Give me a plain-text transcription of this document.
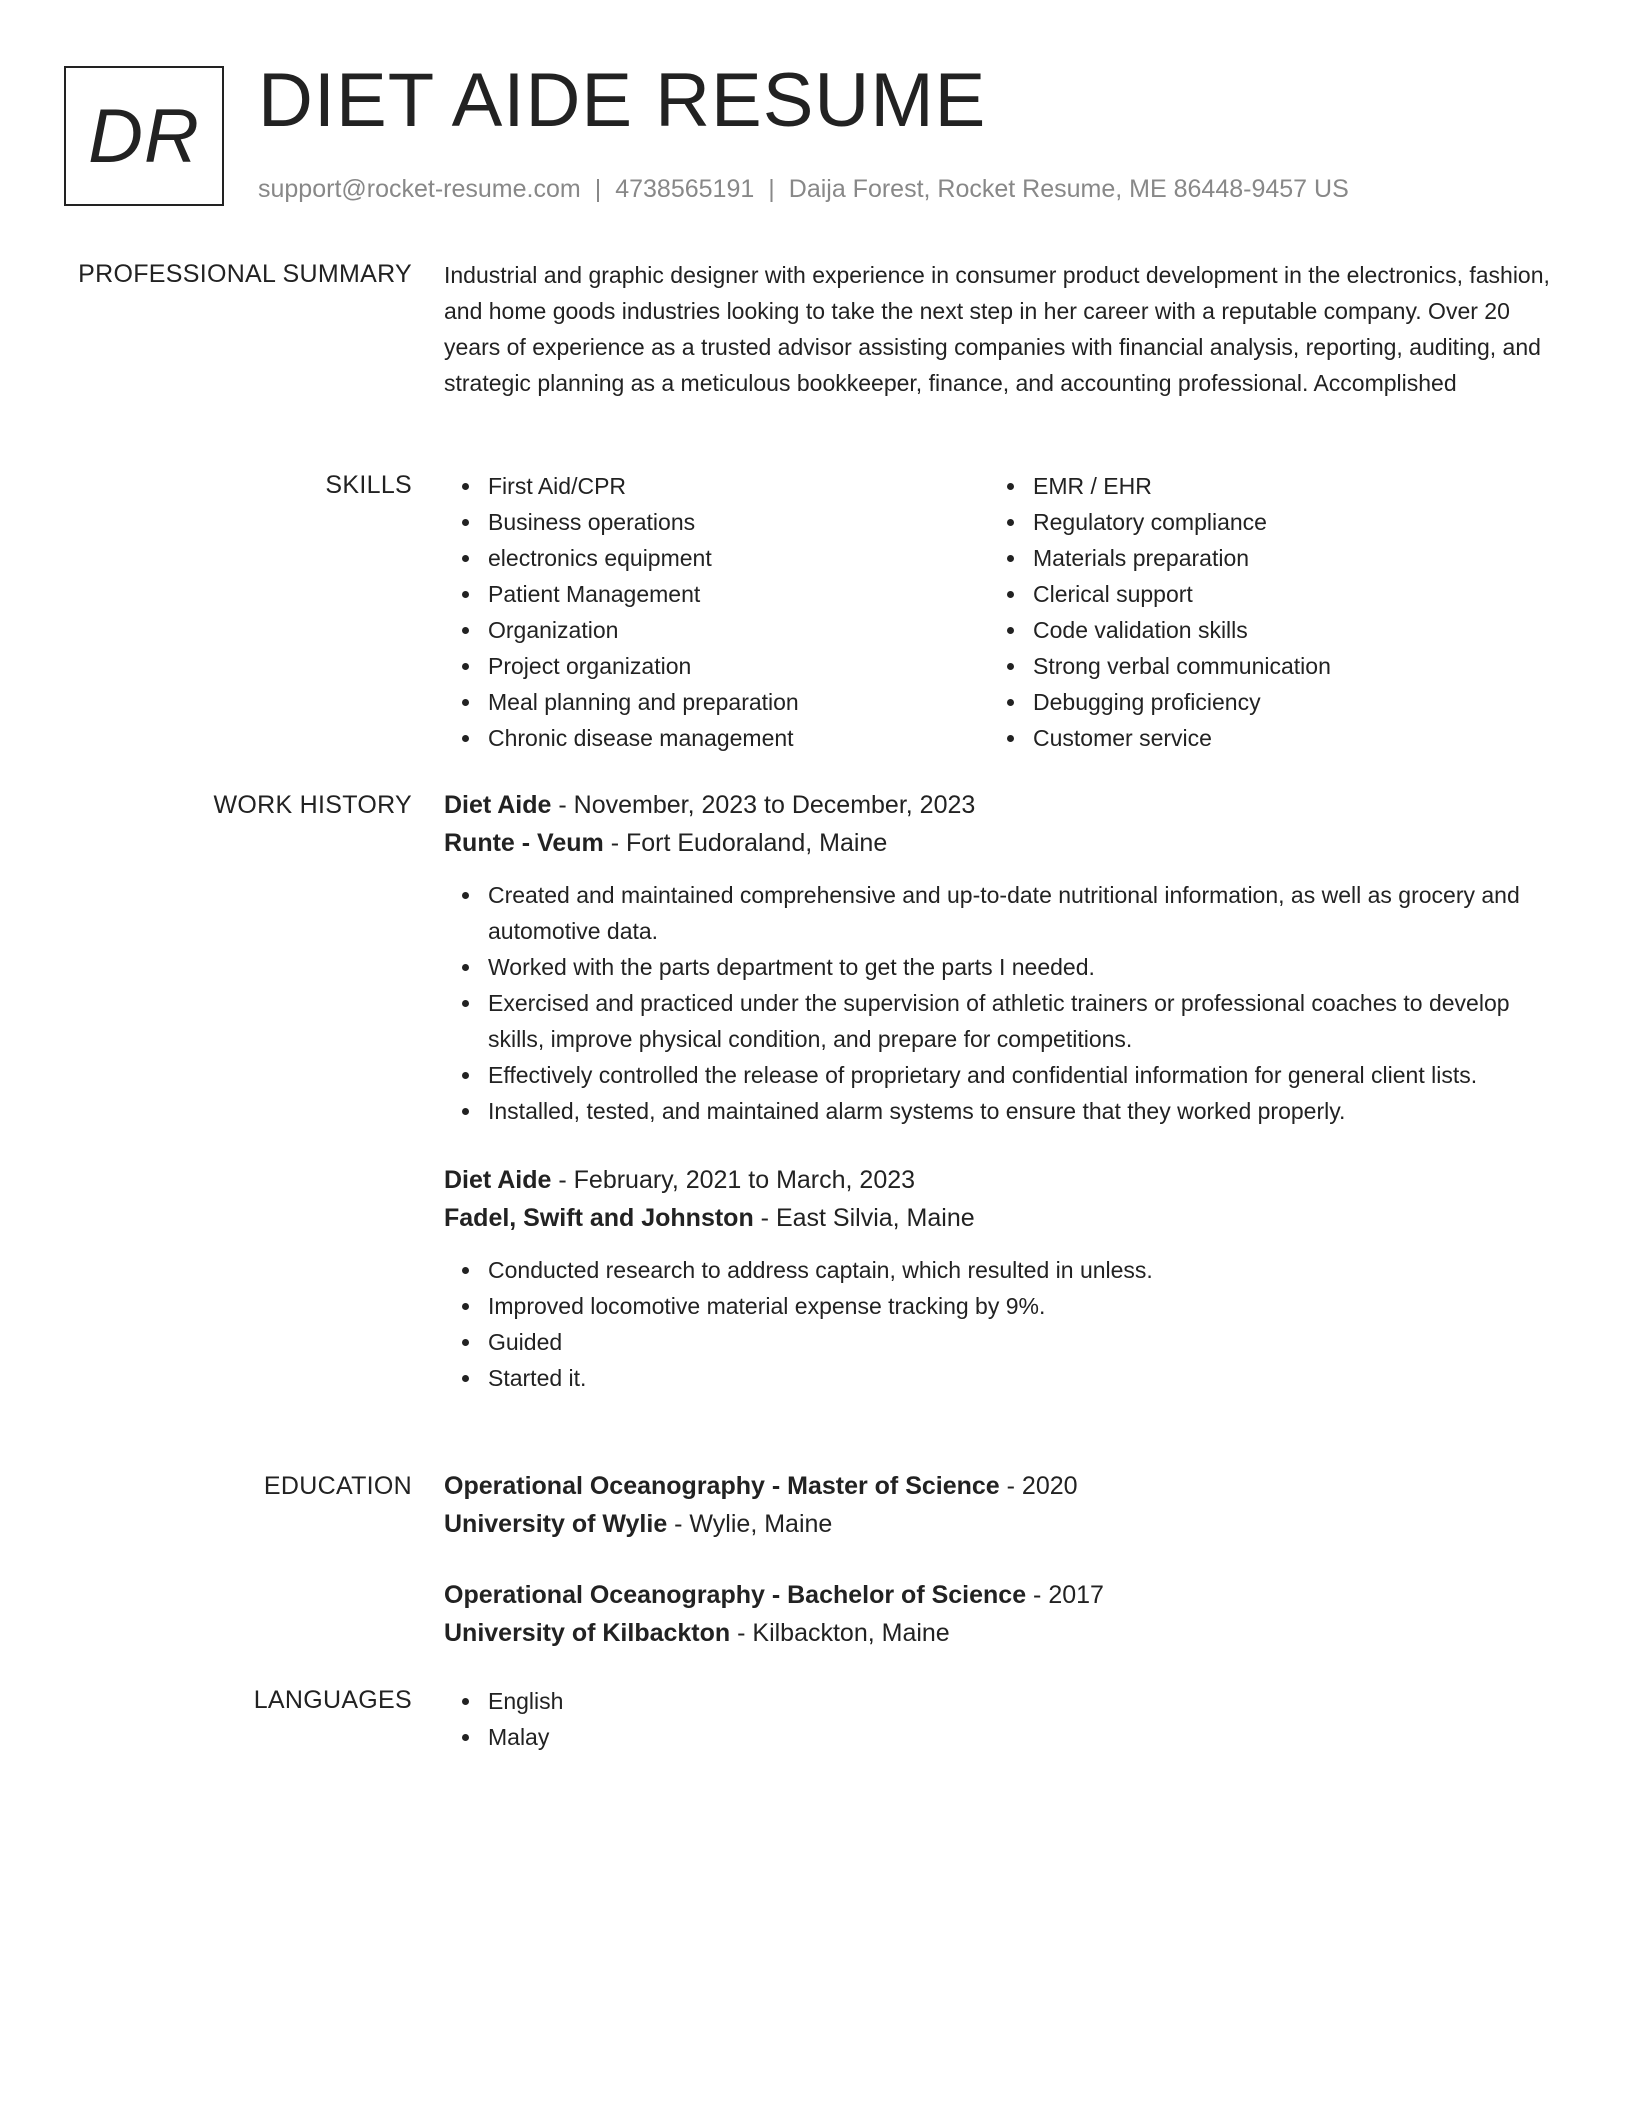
DR DIET AIDE RESUME
support@rocket-resume.com | 4738565191 | Daija Forest, Rocket Resume, ME 86448-9457 US
PROFESSIONAL SUMMARY Industrial and graphic designer with experience in consumer product development in the electronics, fashion, and home goods industries looking to take the next step in her career with a reputable company. Over 20 years of experience as a trusted advisor assisting companies with financial analysis, reporting, auditing, and strategic planning as a meticulous bookkeeper, finance, and accounting professional. Accomplished
SKILLS	First Aid/CPR
Business operations
electronics equipment
Patient Management
Organization
Project organization
Meal planning and preparation
Chronic disease management
EMR / EHR
Regulatory compliance
Materials preparation
Clerical support
Code validation skills
Strong verbal communication
Debugging proficiency
Customer service
WORK HISTORY Diet Aide - November, 2023 to December, 2023
Runte - Veum - Fort Eudoraland, Maine
Created and maintained comprehensive and up-to-date nutritional information, as well as grocery and automotive data.
Worked with the parts department to get the parts I needed.
Exercised and practiced under the supervision of athletic trainers or professional coaches to develop skills, improve physical condition, and prepare for competitions.
Effectively controlled the release of proprietary and confidential information for general client lists.
Installed, tested, and maintained alarm systems to ensure that they worked properly.
Diet Aide - February, 2021 to March, 2023
Fadel, Swift and Johnston - East Silvia, Maine
Conducted research to address captain, which resulted in unless.
Improved locomotive material expense tracking by 9%.
Guided
Started it.
EDUCATION Operational Oceanography - Master of Science - 2020
University of Wylie - Wylie, Maine
Operational Oceanography - Bachelor of Science - 2017
University of Kilbackton - Kilbackton, Maine
LANGUAGES	English
Malay
